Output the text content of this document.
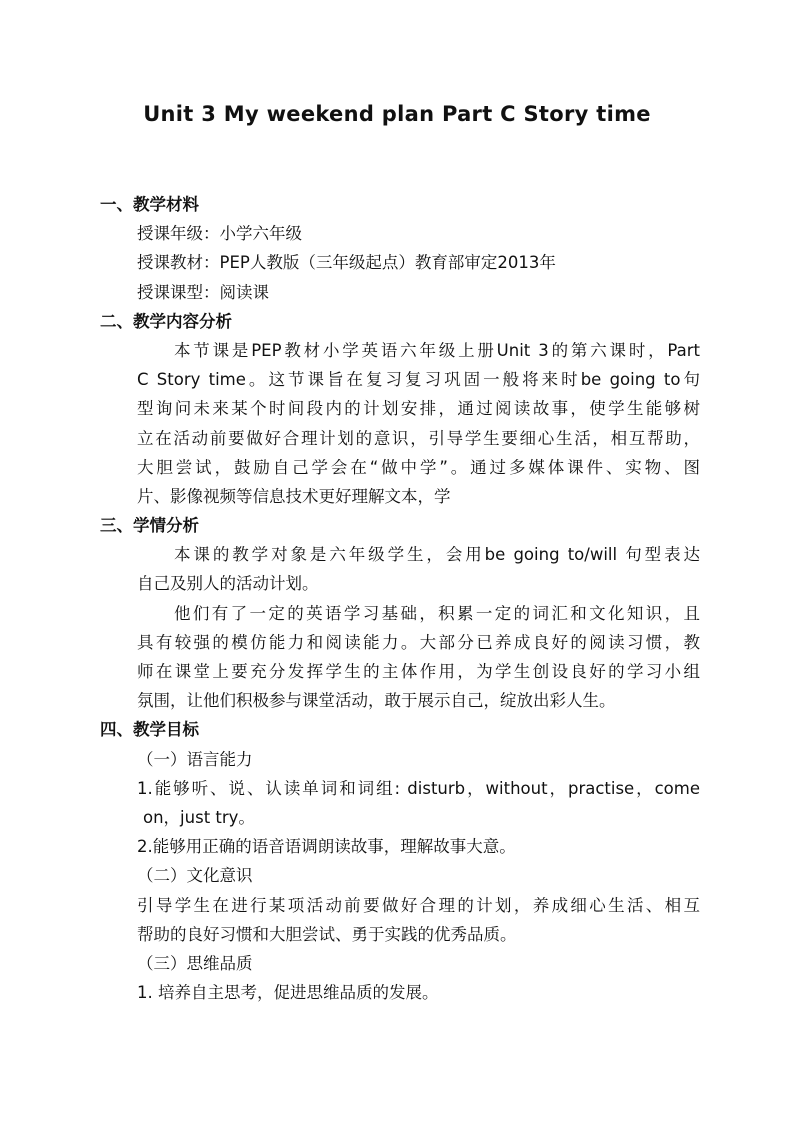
Unit 3 My weekend plan Part C Story time
一、教学材料
授课年级：小学六年级
授课教材：PEP人教版（三年级起点）教育部审定2013年
授课课型：阅读课
二、教学内容分析
本节课是PEP教材小学英语六年级上册Unit 3的第六课时，Part
C Story time。这节课旨在复习复习巩固一般将来时be going to句
型询问未来某个时间段内的计划安排，通过阅读故事，使学生能够树
立在活动前要做好合理计划的意识，引导学生要细心生活，相互帮助，
大胆尝试，鼓励自己学会在“做中学”。通过多媒体课件、实物、图
片、影像视频等信息技术更好理解文本，学
三、学情分析
本课的教学对象是六年级学生，会用be going to/will 句型表达
自己及别人的活动计划。
他们有了一定的英语学习基础，积累一定的词汇和文化知识，且
具有较强的模仿能力和阅读能力。大部分已养成良好的阅读习惯，教
师在课堂上要充分发挥学生的主体作用，为学生创设良好的学习小组
氛围，让他们积极参与课堂活动，敢于展示自己，绽放出彩人生。
四、教学目标
（一）语言能力
1.能够听、说、认读单词和词组: disturb，without，practise，come
on，just try。
2.能够用正确的语音语调朗读故事，理解故事大意。
（二）文化意识
引导学生在进行某项活动前要做好合理的计划，养成细心生活、相互
帮助的良好习惯和大胆尝试、勇于实践的优秀品质。
（三）思维品质
1. 培养自主思考，促进思维品质的发展。
